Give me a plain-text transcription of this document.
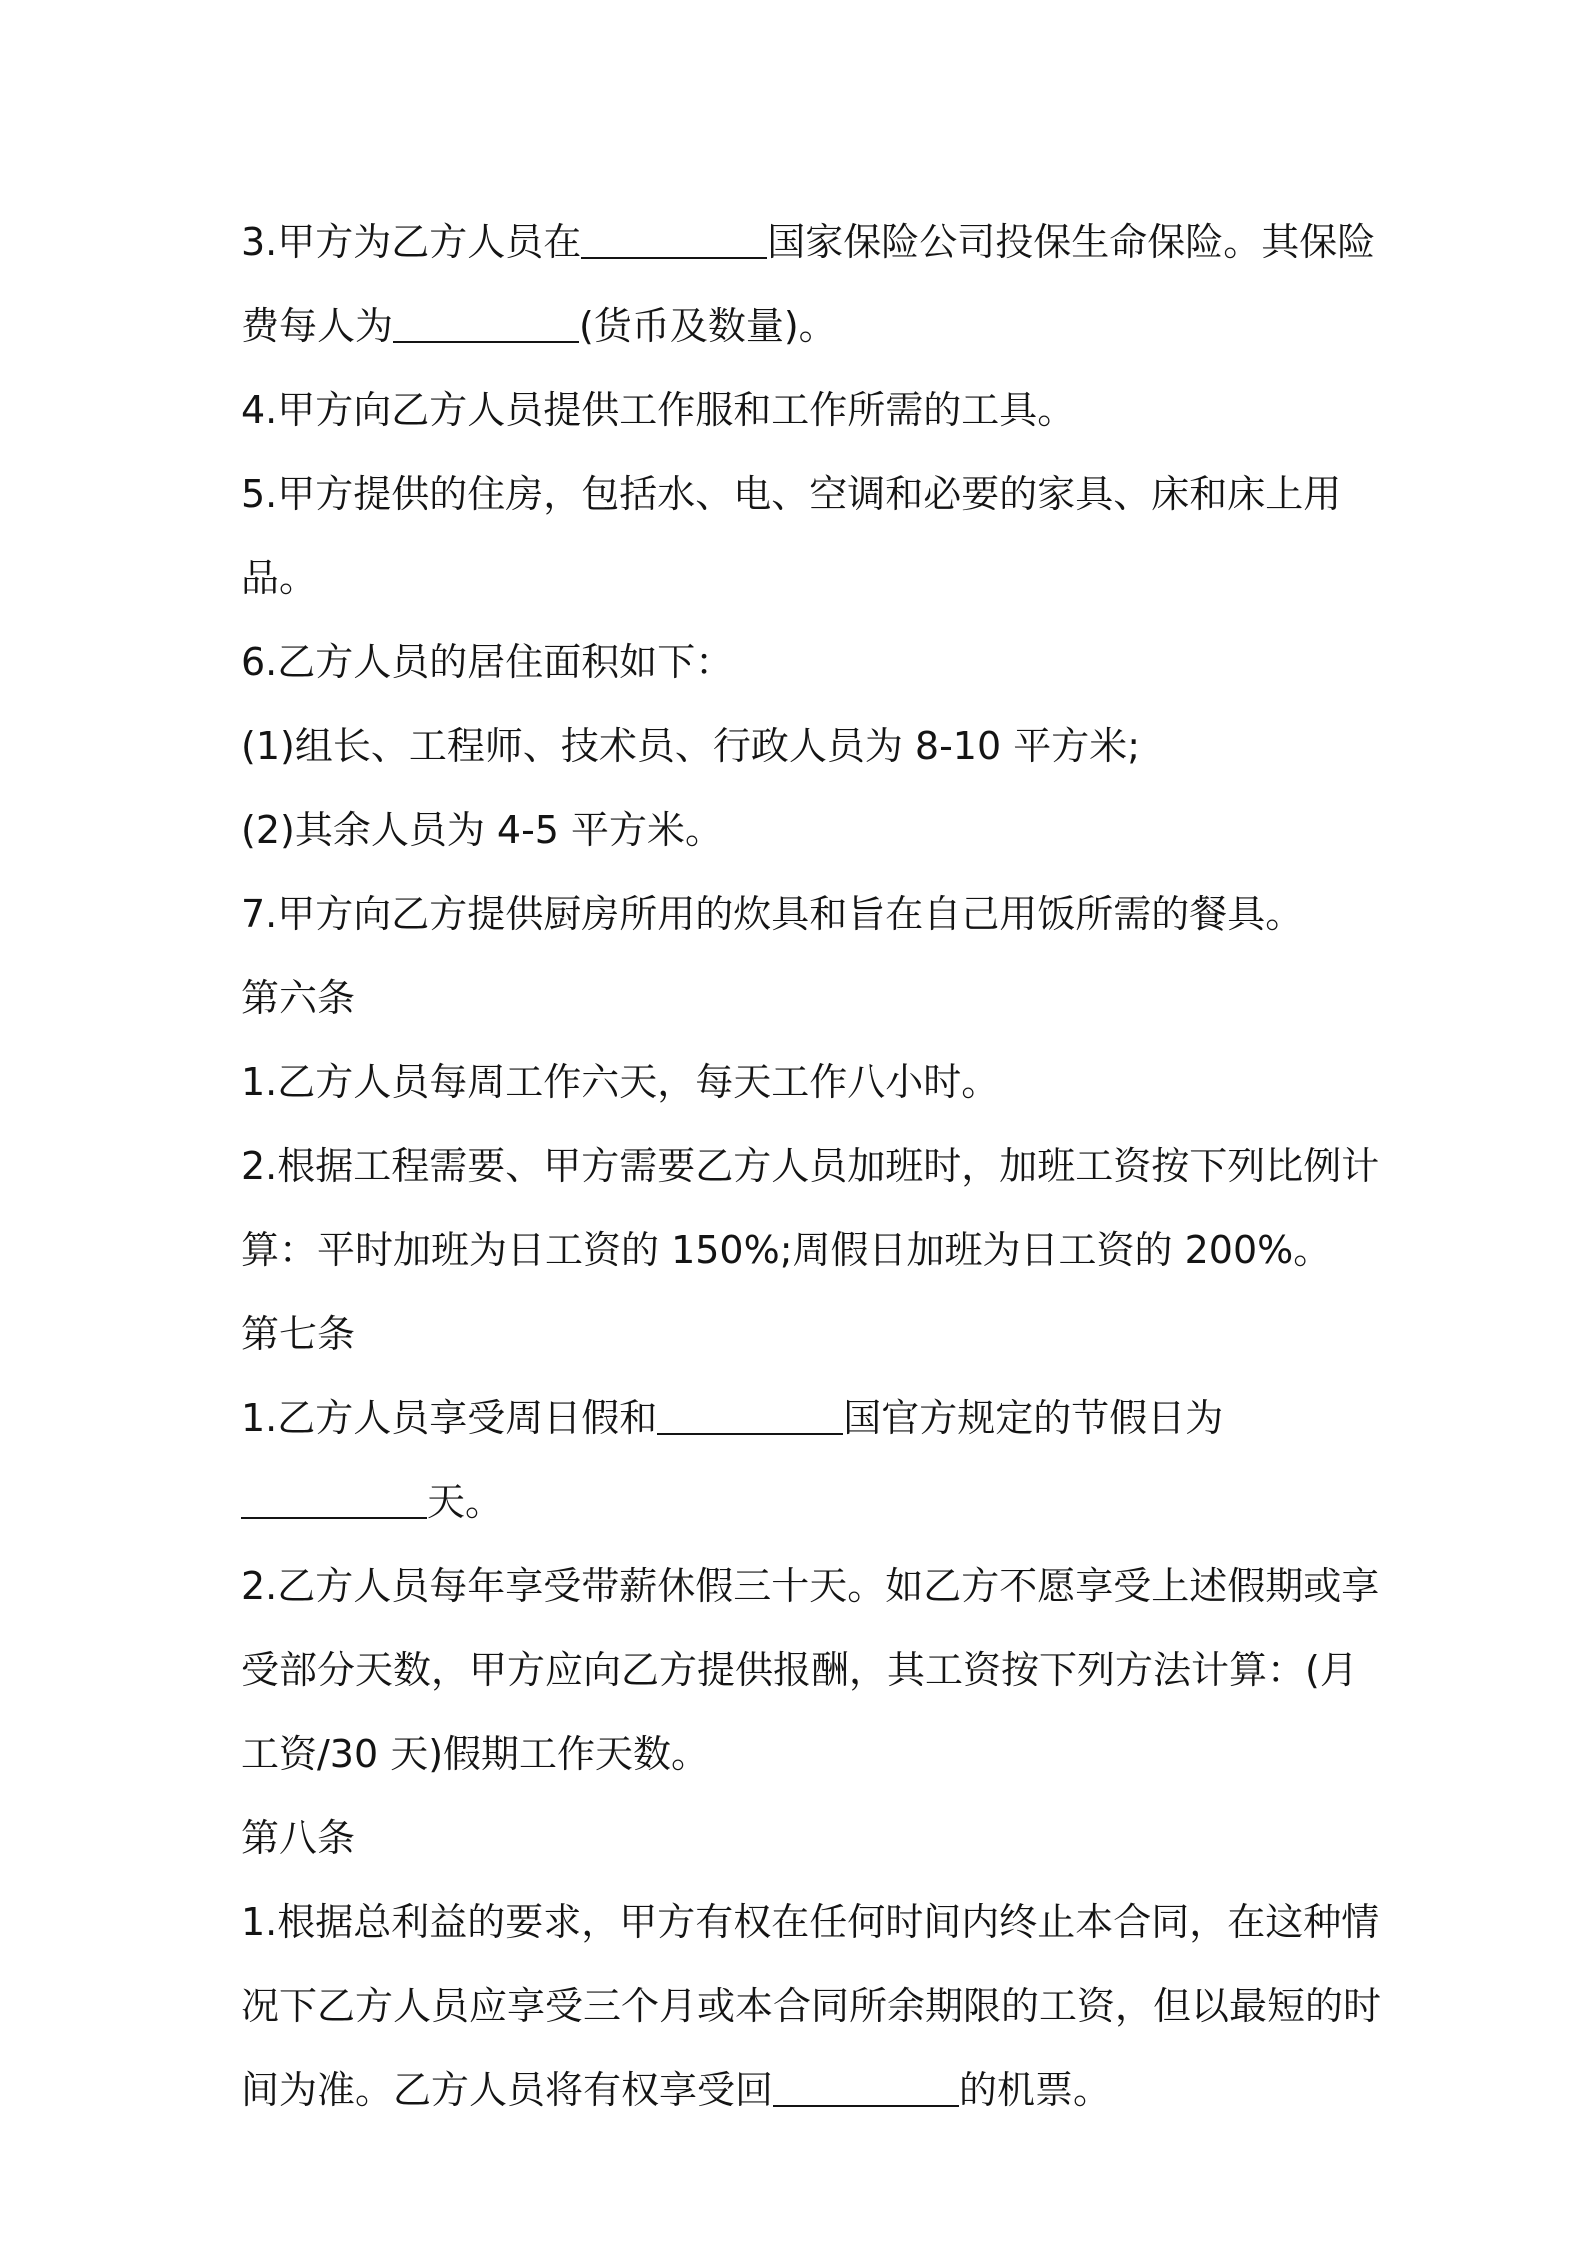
3.甲方为乙方人员在	国家保险公司投保生命保险。其保险
费每人为	(货币及数量)。

4.甲方向乙方人员提供工作服和工作所需的工具。

5.甲方提供的住房，包括水、电、空调和必要的家具、床和床上用品。

6.乙方人员的居住面积如下：

(1)组长、工程师、技术员、行政人员为 8-10 平方米;

(2)其余人员为 4-5 平方米。

7.甲方向乙方提供厨房所用的炊具和旨在自己用饭所需的餐具。

第六条

1.乙方人员每周工作六天，每天工作八小时。

2.根据工程需要、甲方需要乙方人员加班时，加班工资按下列比例计
算：平时加班为日工资的 150%;周假日加班为日工资的 200%。

第七条

1.乙方人员享受周日假和	国官方规定的节假日为
天。

2.乙方人员每年享受带薪休假三十天。如乙方不愿享受上述假期或享
受部分天数，甲方应向乙方提供报酬，其工资按下列方法计算：(月
工资/30 天)假期工作天数。

第八条

1.根据总利益的要求，甲方有权在任何时间内终止本合同，在这种情
况下乙方人员应享受三个月或本合同所余期限的工资，但以最短的时
间为准。乙方人员将有权享受回	的机票。
